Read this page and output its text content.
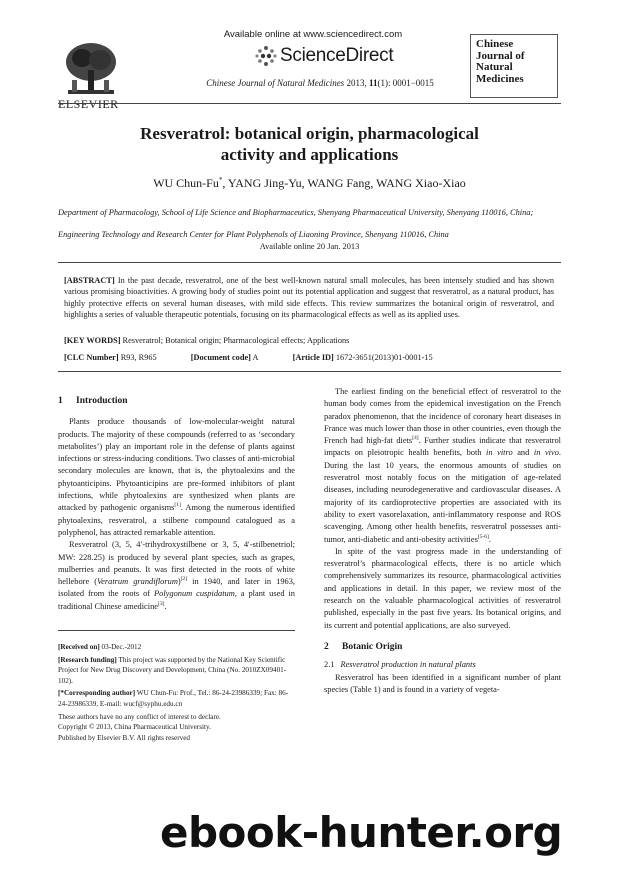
ELSEVIER
Available online at www.sciencedirect.com
ScienceDirect
Chinese Journal of Natural Medicines 2013, 11(1): 0001−0015
Chinese
Journal of
Natural
Medicines
Resveratrol: botanical origin, pharmacological
activity and applications
WU Chun-Fu*, YANG Jing-Yu, WANG Fang, WANG Xiao-Xiao
Department of Pharmacology, School of Life Science and Biopharmaceutics, Shenyang Pharmaceutical University, Shenyang 110016, China;
Engineering Technology and Research Center for Plant Polyphenols of Liaoning Province, Shenyang 110016, China
Available online 20 Jan. 2013
[ABSTRACT] In the past decade, resveratrol, one of the best well-known natural small molecules, has been intensely studied and has shown various promising bioactivities. A growing body of studies point out its potential application and suggest that resveratrol, as a natural product, has highly protective effects on several human diseases, with mild side effects. This review summarizes the botanical origin of resveratrol, and highlights a series of valuable therapeutic potentials, focusing on its pharmacological effects as well as its applied uses.
[KEY WORDS] Resveratrol; Botanical origin; Pharmacological effects; Applications
[CLC Number] R93, R965	[Document code] A	[Article ID] 1672-3651(2013)01-0001-15
1 Introduction

Plants produce thousands of low-molecular-weight natural products. The majority of these compounds (referred to as ‘secondary metabolites’) play an important role in the defense of plants against infections or stress-inducing conditions. Two classes of anti-microbial secondary molecules are known, that is, the phytoalexins and the phytoanticipins. Phytoanticipins are pre-formed inhibitors of plant infections, while phytoalexins are synthesized when plants are attacked by pathogenic organisms[1]. Among the numerous identified phytoalexins, resveratrol, a stilbene compound catalogued as a polyphenol, has attracted remarkable attention.

Resveratrol (3, 5, 4′-trihydroxystilbene or 3, 5, 4′-stilbenetriol; MW: 228.25) is produced by several plant species, such as grapes, mulberries and peanuts. It was first detected in the roots of white hellebore (Veratrum grandiflorum)[2] in 1940, and later in 1963, isolated from the roots of Polygonum cuspidatum, a plant used in traditional Chinese amedicine[3].

[Received on] 03-Dec.-2012

[Research funding] This project was supported by the National Key Scientific Project for New Drug Discovery and Development, China (No. 2010ZX09401-102).

[*Corresponding author] WU Chun-Fu: Prof., Tel.: 86-24-23986339; Fax: 86-24-23986339, E-mail: wucf@syphu.edu.cn

These authors have no any conflict of interest to declare.
Copyright © 2013, China Pharmaceutical University.
Published by Elsevier B.V. All rights reserved

The earliest finding on the beneficial effect of resveratrol to the human body comes from the epidemical investigation on the French paradox phenomenon, that the incidence of coronary heart diseases in France was much lower than those in other countries, even though the French had high-fat diets[4]. Further studies indicate that resveratrol impacts on pleiotropic health benefits, both in vitro and in vivo. During the last 10 years, the enormous amounts of studies on resveratrol most notably focus on the mitigation of age-related diseases, including neurodegenerative and cardiovascular diseases. A majority of its cardioprotective properties are associated with its ability to exert vasorelaxation, anti-inflammatory response and ROS scavenging. Among other health benefits, resveratrol possesses anti-tumor, anti-diabetic and anti-obesity activities[5-6].

In spite of the vast progress made in the understanding of resveratrol’s pharmacological effects, there is no article which comprehensively summarizes its resource, pharmacological activities and applications in detail. In this paper, we review most of the research on the valuable pharmacological activities of resveratrol published, especially in the past five years. Its botanical origins, and its current and potential applications, are also surveyed.

2 Botanic Origin
2.1 Resveratrol production in natural plants

Resveratrol has been identified in a significant number of plant species (Table 1) and is found in a variety of vegeta-

ebook-hunter.org
